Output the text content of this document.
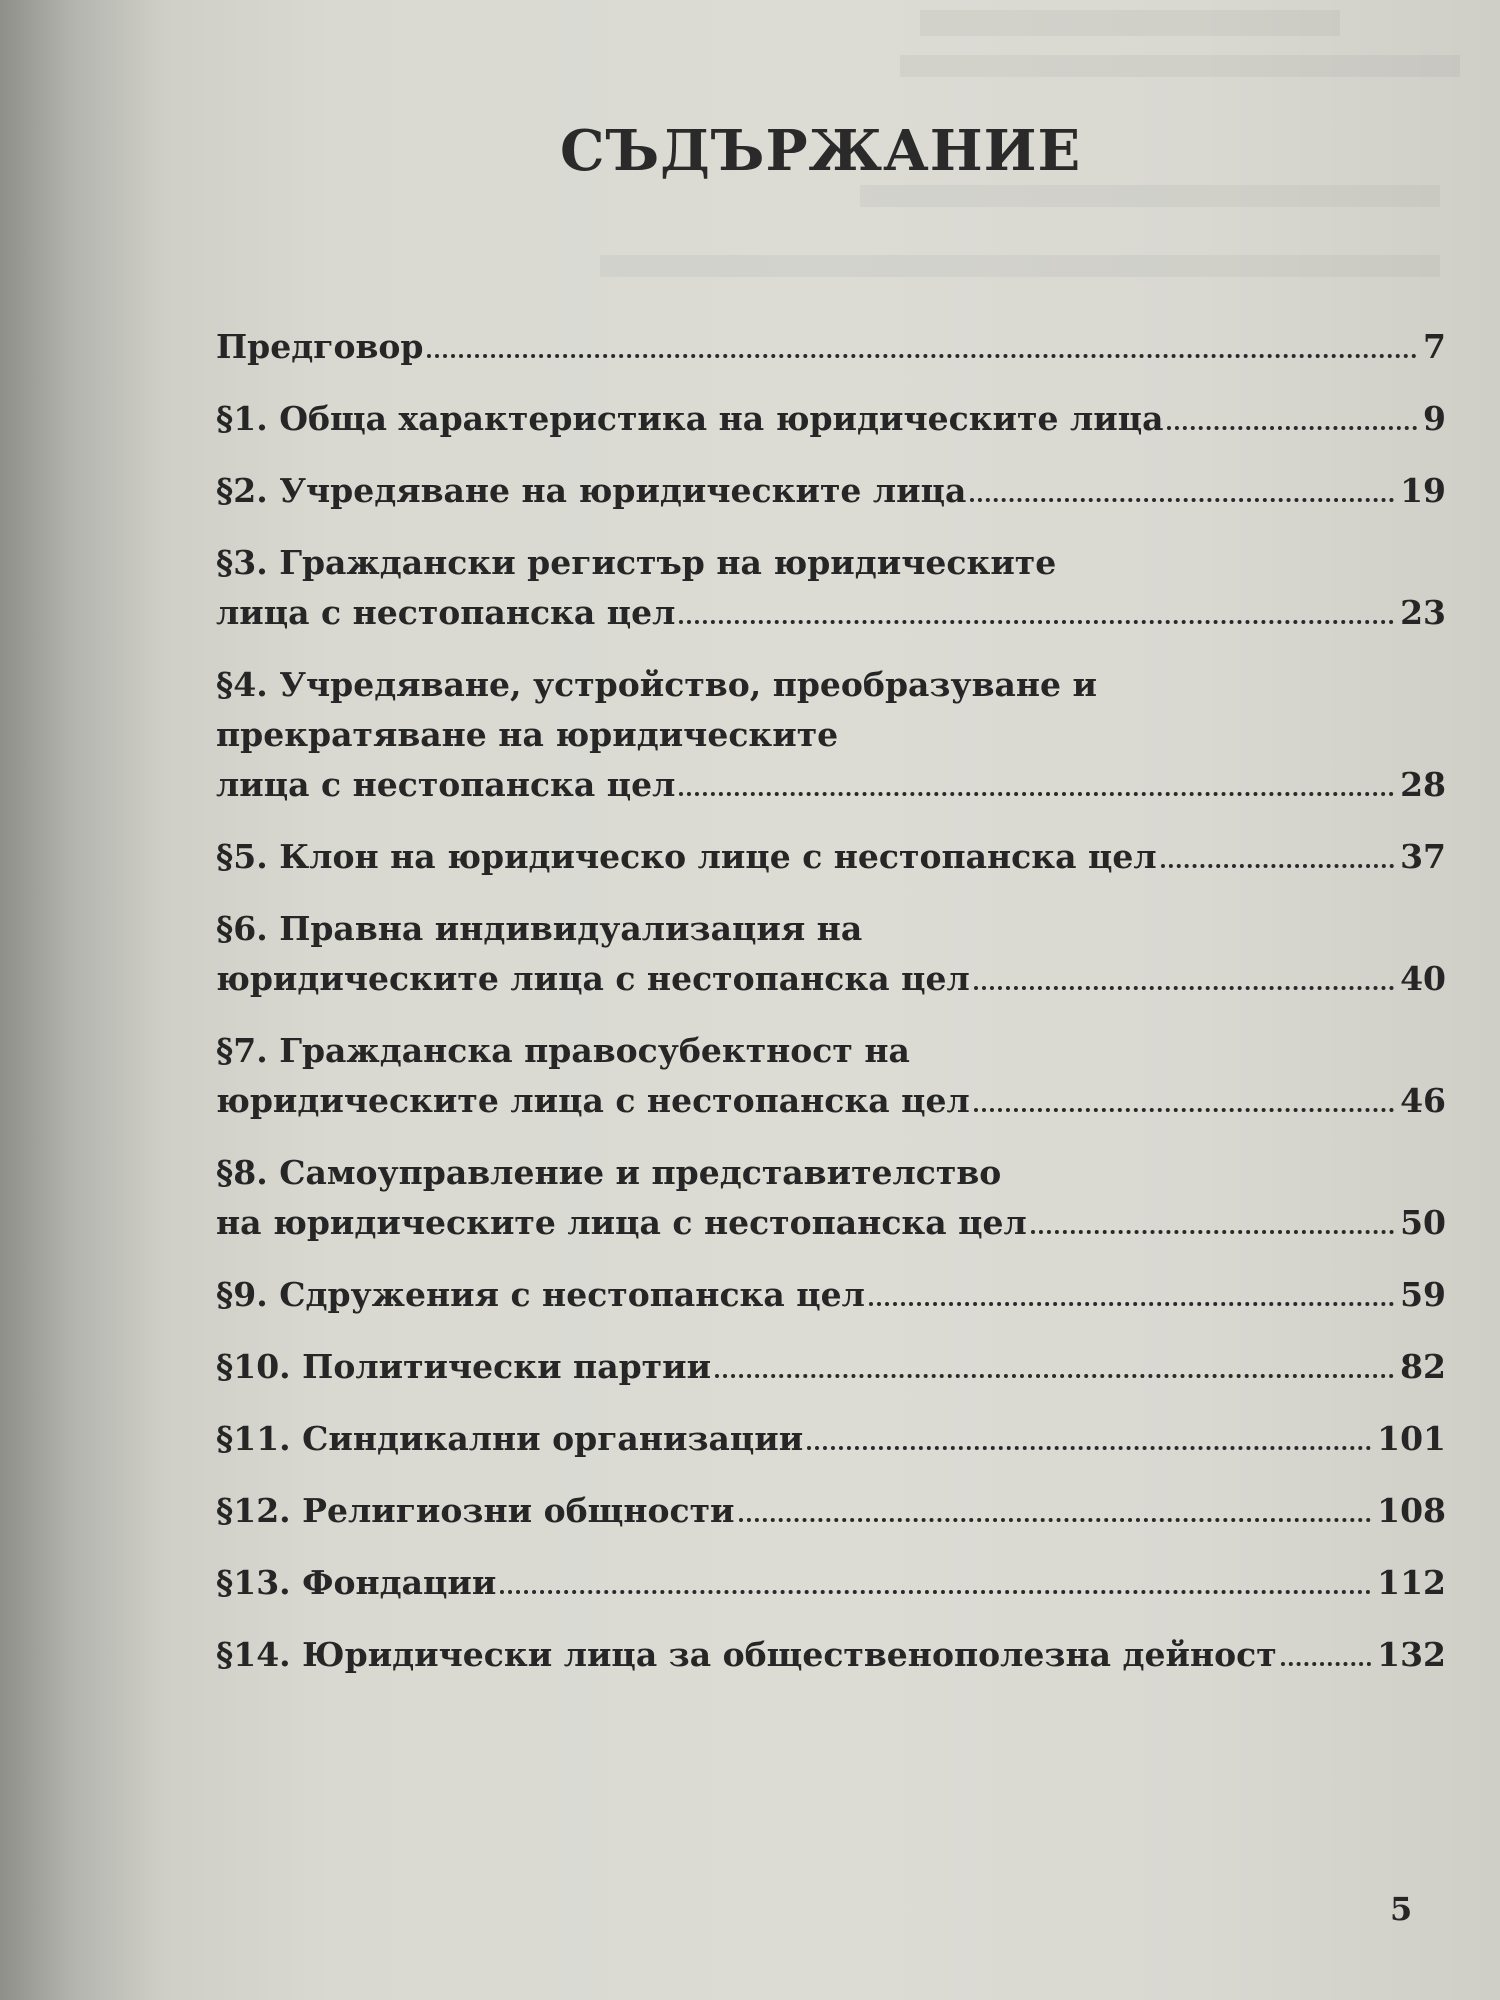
СЪДЪРЖАНИЕ
Предговор	7
§1. Обща характеристика на юридическите лица	9
§2. Учредяване на юридическите лица	19
§3. Граждански регистър на юридическите
лица с нестопанска цел	23
§4. Учредяване, устройство, преобразуване и
прекратяване на юридическите
лица с нестопанска цел	28
§5. Клон на юридическо лице с нестопанска цел	37
§6. Правна индивидуализация на
юридическите лица с нестопанска цел	40
§7. Гражданска правосубектност на
юридическите лица с нестопанска цел	46
§8. Самоуправление и представителство
на юридическите лица с нестопанска цел	50
§9. Сдружения с нестопанска цел	59
§10. Политически партии	82
§11. Синдикални организации	101
§12. Религиозни общности	108
§13. Фондации	112
§14. Юридически лица за общественополезна дейност	132
5
